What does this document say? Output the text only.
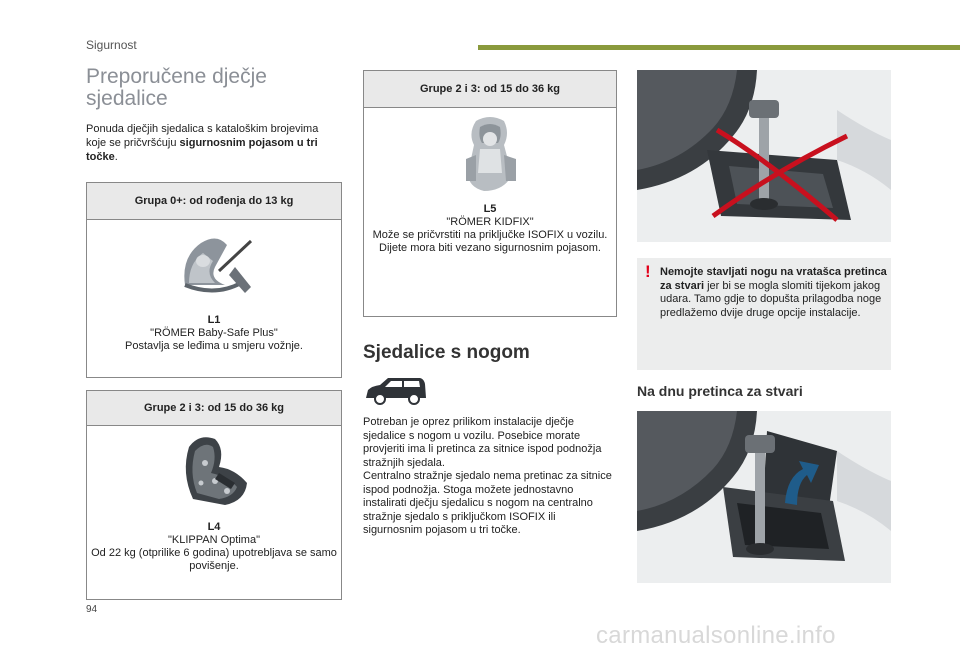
Sigurnost
Preporučene dječje
sjedalice
Ponuda dječjih sjedalica s kataloškim brojevima koje se pričvršćuju sigurnosnim pojasom u tri točke.
Grupa 0+: od rođenja do 13 kg
L1
"RÖMER Baby-Safe Plus"
Postavlja se leđima u smjeru vožnje.
Grupe 2 i 3: od 15 do 36 kg
L4
"KLIPPAN Optima"
Od 22 kg (otprilike 6 godina) upotrebljava se samo povišenje.
Grupe 2 i 3: od 15 do 36 kg
L5
"RÖMER KIDFIX"
Može se pričvrstiti na priključke ISOFIX u vozilu.
Dijete mora biti vezano sigurnosnim pojasom.
Sjedalice s nogom
Potreban je oprez prilikom instalacije dječje sjedalice s nogom u vozilu. Posebice morate provjeriti ima li pretinca za sitnice ispod podnožja stražnjih sjedala.
Centralno stražnje sjedalo nema pretinac za sitnice ispod podnožja. Stoga možete jednostavno instalirati dječju sjedalicu s nogom na centralno stražnje sjedalo s priključkom ISOFIX ili sigurnosnim pojasom u tri točke.
! Nemojte stavljati nogu na vratašca pretinca za stvari jer bi se mogla slomiti tijekom jakog udara. Tamo gdje to dopušta prilagodba noge predlažemo dvije druge opcije instalacije.
Na dnu pretinca za stvari
94
carmanualsonline.info
